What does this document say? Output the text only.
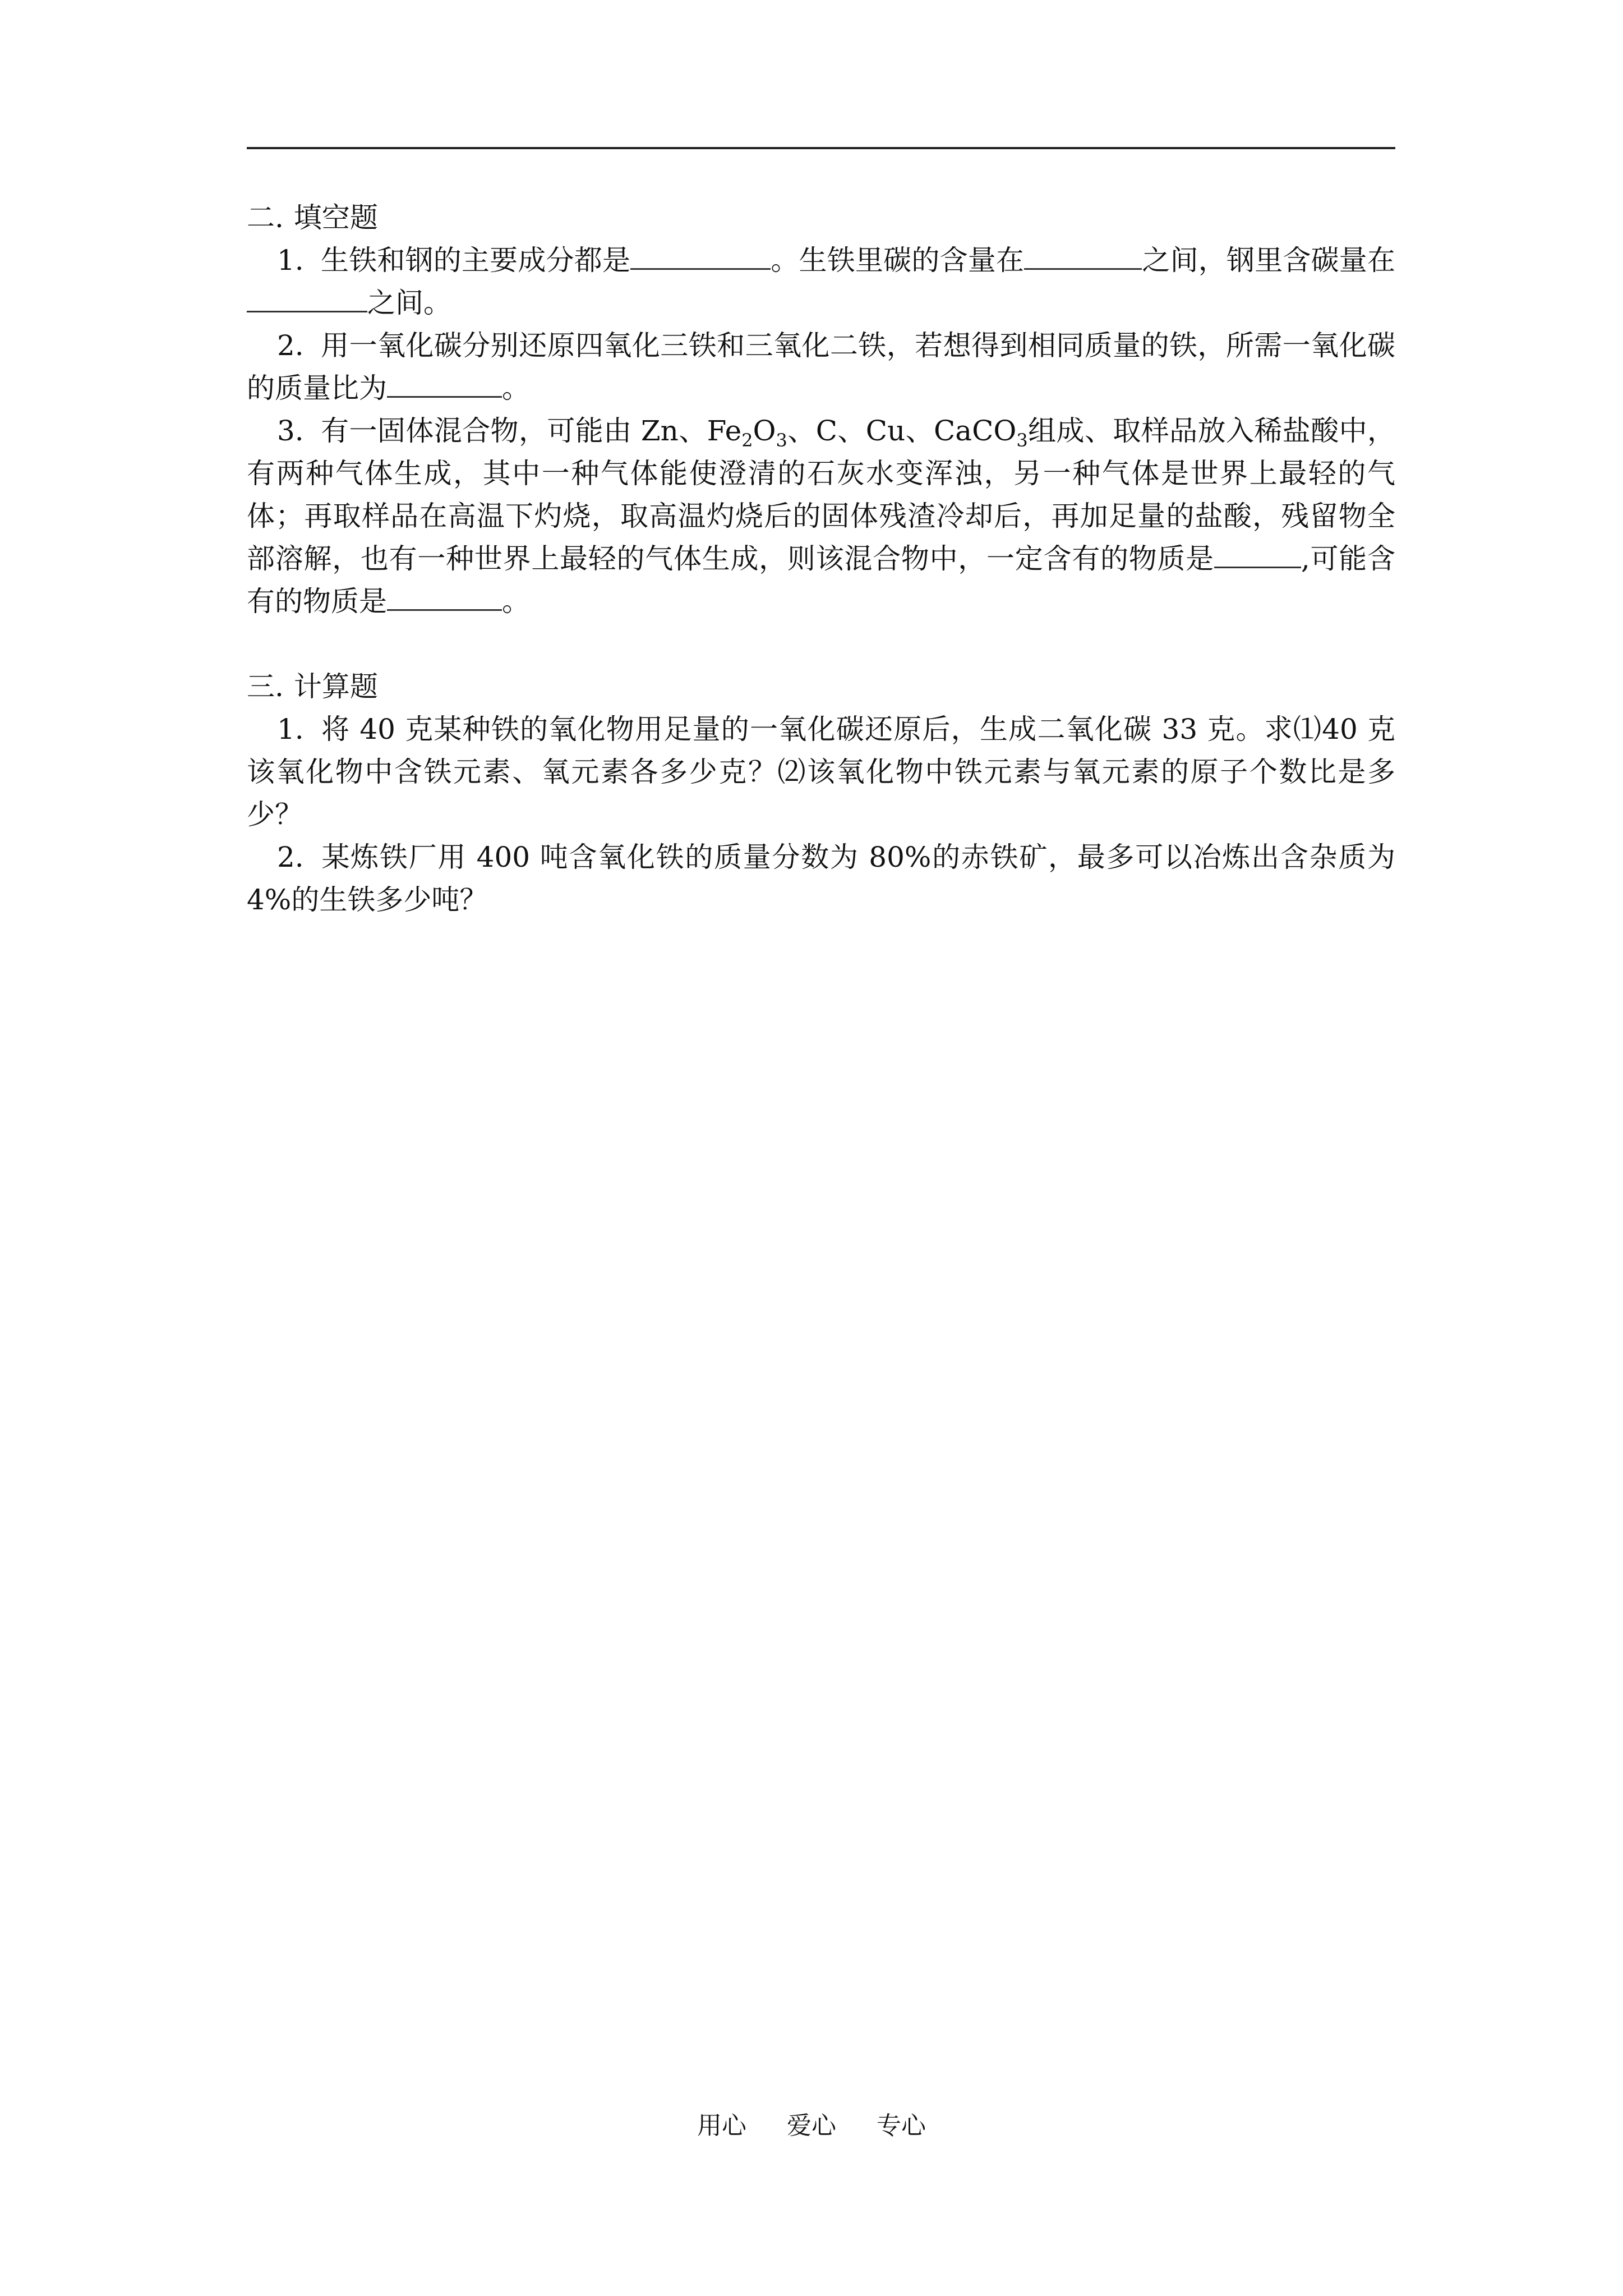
二. 填空题

1. 生铁和钢的主要成分都是	。生铁里碳的含量在	之间，钢里含碳量在之间。

2. 用一氧化碳分别还原四氧化三铁和三氧化二铁，若想得到相同质量的铁，所需一氧化碳的质量比为	。

3. 有一固体混合物，可能由 Zn、$Fe_2O_3$、C、Cu、CaCO$_3$组成、取样品放入稀盐酸中，有两种气体生成，其中一种气体能使澄清的石灰水变浑浊，另一种气体是世界上最轻的气体；再取样品在高温下灼烧，取高温灼烧后的固体残渣冷却后，再加足量的盐酸，残留物全部溶解，也有一种世界上最轻的气体生成，则该混合物中，一定含有的物质是	,可能含有的物质是	。

三. 计算题

1. 将 40 克某种铁的氧化物用足量的一氧化碳还原后，生成二氧化碳 33 克。求⑴40 克该氧化物中含铁元素、氧元素各多少克？⑵该氧化物中铁元素与氧元素的原子个数比是多少？

2. 某炼铁厂用 400 吨含氧化铁的质量分数为 80%的赤铁矿，最多可以冶炼出含杂质为 4%的生铁多少吨？

用心 爱心 专心
